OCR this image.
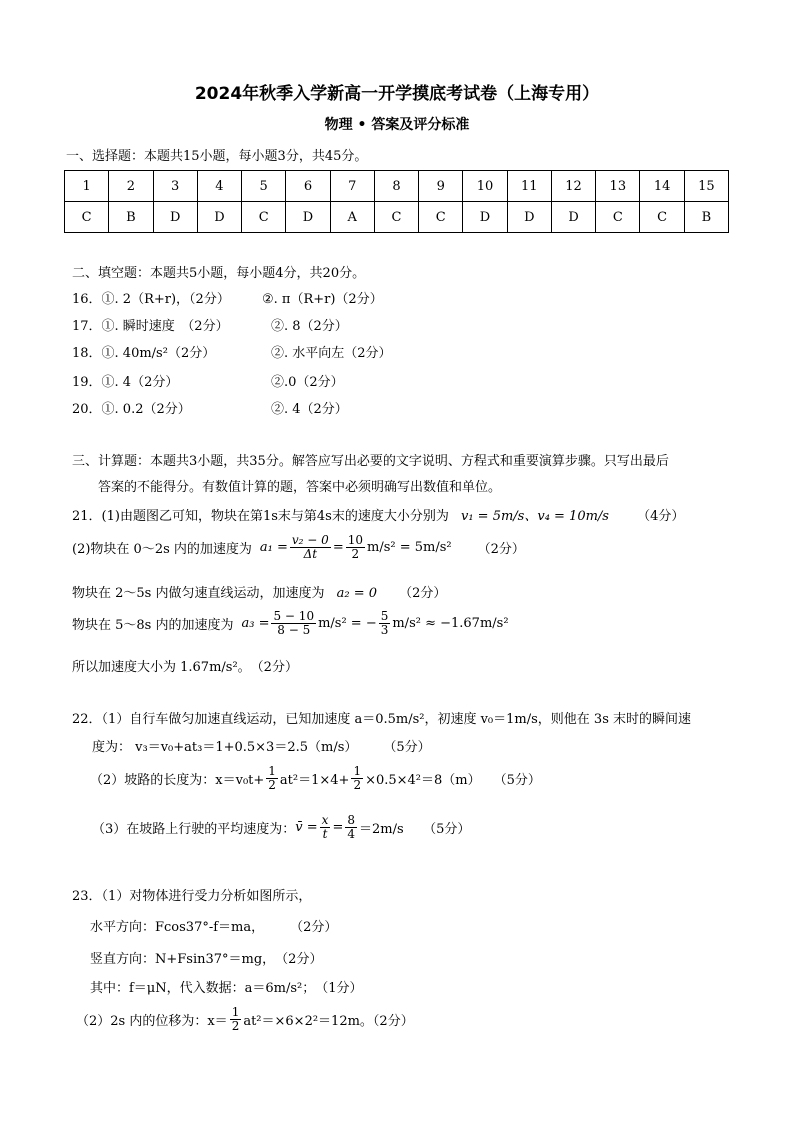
2024年秋季入学新高一开学摸底考试卷（上海专用）
物理 • 答案及评分标准
一、选择题：本题共15小题，每小题3分，共45分。
1	2	3	4	5	6	7	8	9	10	11	12	13	14	15
C	B	D	D	C	D	A	C	C	D	D	D	C	C	B
二、填空题：本题共5小题，每小题4分，共20分。
16．①. 2（R+r)，（2分） ②. π（R+r)（2分）
17．①. 瞬时速度　（2分）	②. 8（2分）
18．①. 40m/s²（2分）	②. 水平向左（2分）
19．①. 4（2分）	②.0（2分）
20．①. 0.2（2分）	②. 4（2分）
三、计算题：本题共3小题，共35分。解答应写出必要的文字说明、方程式和重要演算步骤。只写出最后
答案的不能得分。有数值计算的题，答案中必须明确写出数值和单位。
21．(1)由题图乙可知，物块在第1s末与第4s末的速度大小分别为 v₁ = 5m/s、v₄ = 10m/s （4分）
(2)物块在 0～2s 内的加速度为 $a_1 = \frac{\text{v₂ − 0}}{\Delta t} = \frac{10}{2} m/s^2 = 5m/s^2$ （2分）
物块在 2～5s 内做匀速直线运动，加速度为 a₂ = 0 （2分）
物块在 5～8s 内的加速度为 $a_3 = \frac{5 - 10}{8 - 5} m/s^2$ = − $\frac{5}{3} m/s^2 \approx -1.67m/s^2$
所以加速度大小为 1.67m/s²。　（2分）
22．（1）自行车做匀加速直线运动，已知加速度 a＝0.5m/s²，初速度 v₀＝1m/s，则他在 3s 末时的瞬间速
度为： v₃＝v₀+at₃＝1+0.5×3＝2.5（m/s）　　　（5分）
（2）坡路的长度为：$x=v_0t+ \frac{1}{2} at^2=1\times 4+ \frac{1}{2} \times 0.5\times 4^2=8(m)$　　（5分）
（3）在坡路上行驶的平均速度为： v̄ = $\frac{x}{t} = \frac{8}{4} =2m/s$　　（5分）
23．（1）对物体进行受力分析如图所示，
水平方向：Fcos37°-f＝ma，　　　（2分）
竖直方向：N+Fsin37°＝mg，　（2分）
其中：f＝μN，代入数据：a＝6m/s²；　（1分）
（2）2s 内的位移为：$x= \frac{1}{2} at^2=\times 6\times 2^2=12m$。（2分）
